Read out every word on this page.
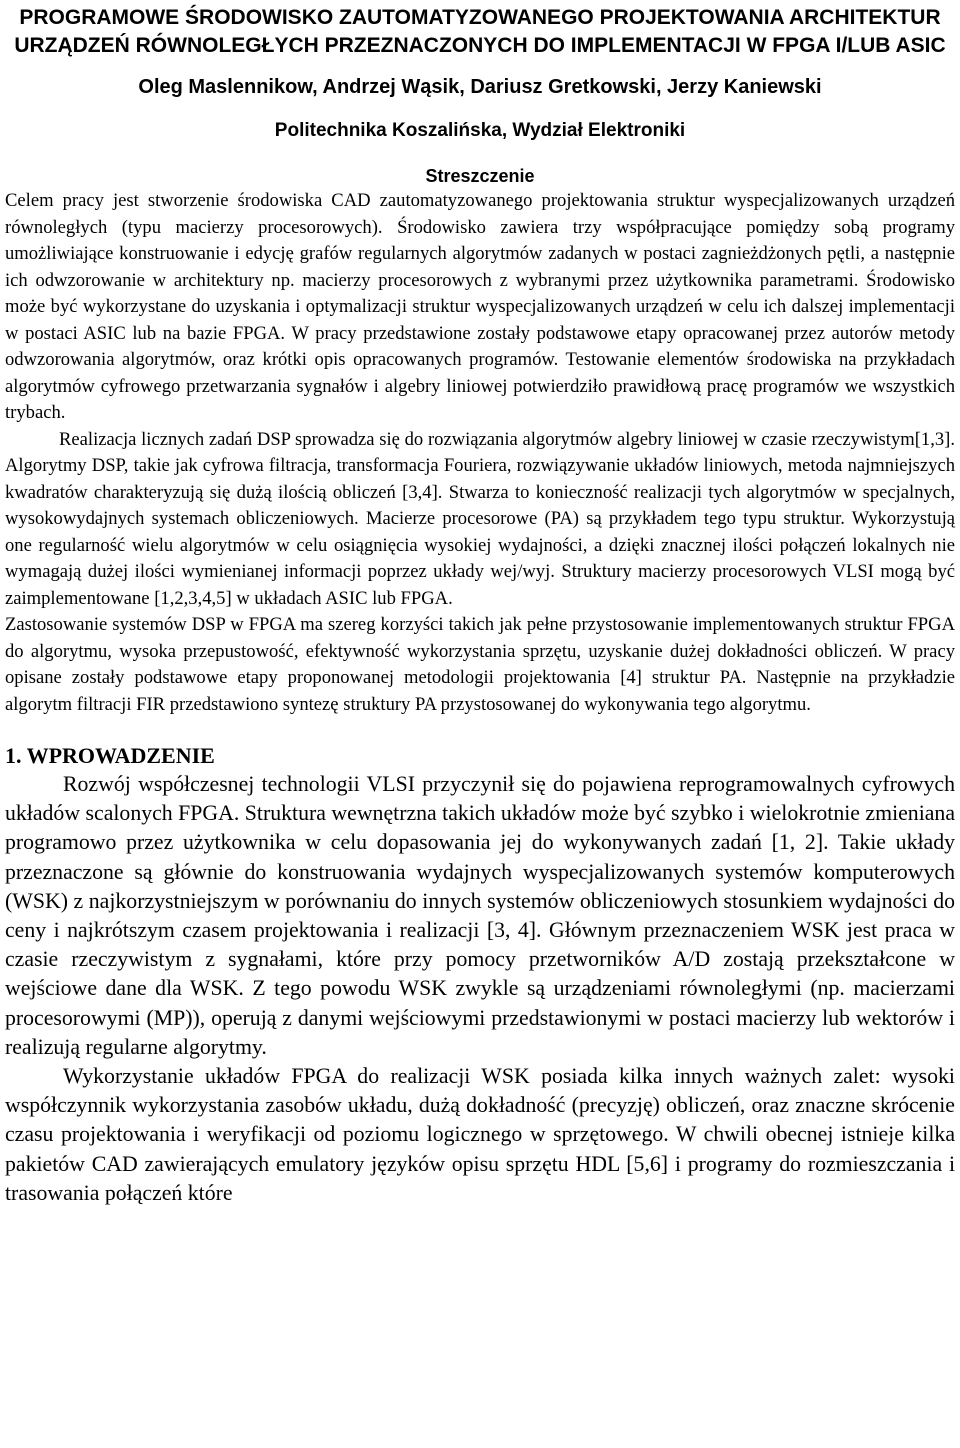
PROGRAMOWE ŚRODOWISKO ZAUTOMATYZOWANEGO PROJEKTOWANIA ARCHITEKTUR URZĄDZEŃ RÓWNOLEGŁYCH PRZEZNACZONYCH DO IMPLEMENTACJI W FPGA I/LUB ASIC
Oleg Maslennikow, Andrzej Wąsik, Dariusz Gretkowski, Jerzy Kaniewski
Politechnika Koszalińska, Wydział Elektroniki
Streszczenie

Celem pracy jest stworzenie środowiska CAD zautomatyzowanego projektowania struktur wyspecjalizowanych urządzeń równoległych (typu macierzy procesorowych). Środowisko zawiera trzy współpracujące pomiędzy sobą programy umożliwiające konstruowanie i edycję grafów regularnych algorytmów zadanych w postaci zagnieżdżonych pętli, a następnie ich odwzorowanie w architektury np. macierzy procesorowych z wybranymi przez użytkownika parametrami. Środowisko może być wykorzystane do uzyskania i optymalizacji struktur wyspecjalizowanych urządzeń w celu ich dalszej implementacji w postaci ASIC lub na bazie FPGA. W pracy przedstawione zostały podstawowe etapy opracowanej przez autorów metody odwzorowania algorytmów, oraz krótki opis opracowanych programów. Testowanie elementów środowiska na przykładach algorytmów cyfrowego przetwarzania sygnałów i algebry liniowej potwierdziło prawidłową pracę programów we wszystkich trybach.

Realizacja licznych zadań DSP sprowadza się do rozwiązania algorytmów algebry liniowej w czasie rzeczywistym[1,3]. Algorytmy DSP, takie jak cyfrowa filtracja, transformacja Fouriera, rozwiązywanie układów liniowych, metoda najmniejszych kwadratów charakteryzują się dużą ilością obliczeń [3,4]. Stwarza to konieczność realizacji tych algorytmów w specjalnych, wysokowydajnych systemach obliczeniowych. Macierze procesorowe (PA) są przykładem tego typu struktur. Wykorzystują one regularność wielu algorytmów w celu osiągnięcia wysokiej wydajności, a dzięki znacznej ilości połączeń lokalnych nie wymagają dużej ilości wymienianej informacji poprzez układy wej/wyj. Struktury macierzy procesorowych VLSI mogą być zaimplementowane [1,2,3,4,5] w układach ASIC lub FPGA.

Zastosowanie systemów DSP w FPGA ma szereg korzyści takich jak pełne przystosowanie implementowanych struktur FPGA do algorytmu, wysoka przepustowość, efektywność wykorzystania sprzętu, uzyskanie dużej dokładności obliczeń. W pracy opisane zostały podstawowe etapy proponowanej metodologii projektowania [4] struktur PA. Następnie na przykładzie algorytm filtracji FIR przedstawiono syntezę struktury PA przystosowanej do wykonywania tego algorytmu.

1. WPROWADZENIE

Rozwój współczesnej technologii VLSI przyczynił się do pojawiena reprogramowalnych cyfrowych układów scalonych FPGA. Struktura wewnętrzna takich układów może być szybko i wielokrotnie zmieniana programowo przez użytkownika w celu dopasowania jej do wykonywanych zadań [1, 2]. Takie układy przeznaczone są głównie do konstruowania wydajnych wyspecjalizowanych systemów komputerowych (WSK) z najkorzystniejszym w porównaniu do innych systemów obliczeniowych stosunkiem wydajności do ceny i najkrótszym czasem projektowania i realizacji [3, 4]. Głównym przeznaczeniem WSK jest praca w czasie rzeczywistym z sygnałami, które przy pomocy przetworników A/D zostają przekształcone w wejściowe dane dla WSK. Z tego powodu WSK zwykle są urządzeniami równoległymi (np. macierzami procesorowymi (MP)), operują z danymi wejściowymi przedstawionymi w postaci macierzy lub wektorów i realizują regularne algorytmy.

Wykorzystanie układów FPGA do realizacji WSK posiada kilka innych ważnych zalet: wysoki współczynnik wykorzystania zasobów układu, dużą dokładność (precyzję) obliczeń, oraz znaczne skrócenie czasu projektowania i weryfikacji od poziomu logicznego w sprzętowego. W chwili obecnej istnieje kilka pakietów CAD zawierających emulatory języków opisu sprzętu HDL [5,6] i programy do rozmieszczania i trasowania połączeń które
